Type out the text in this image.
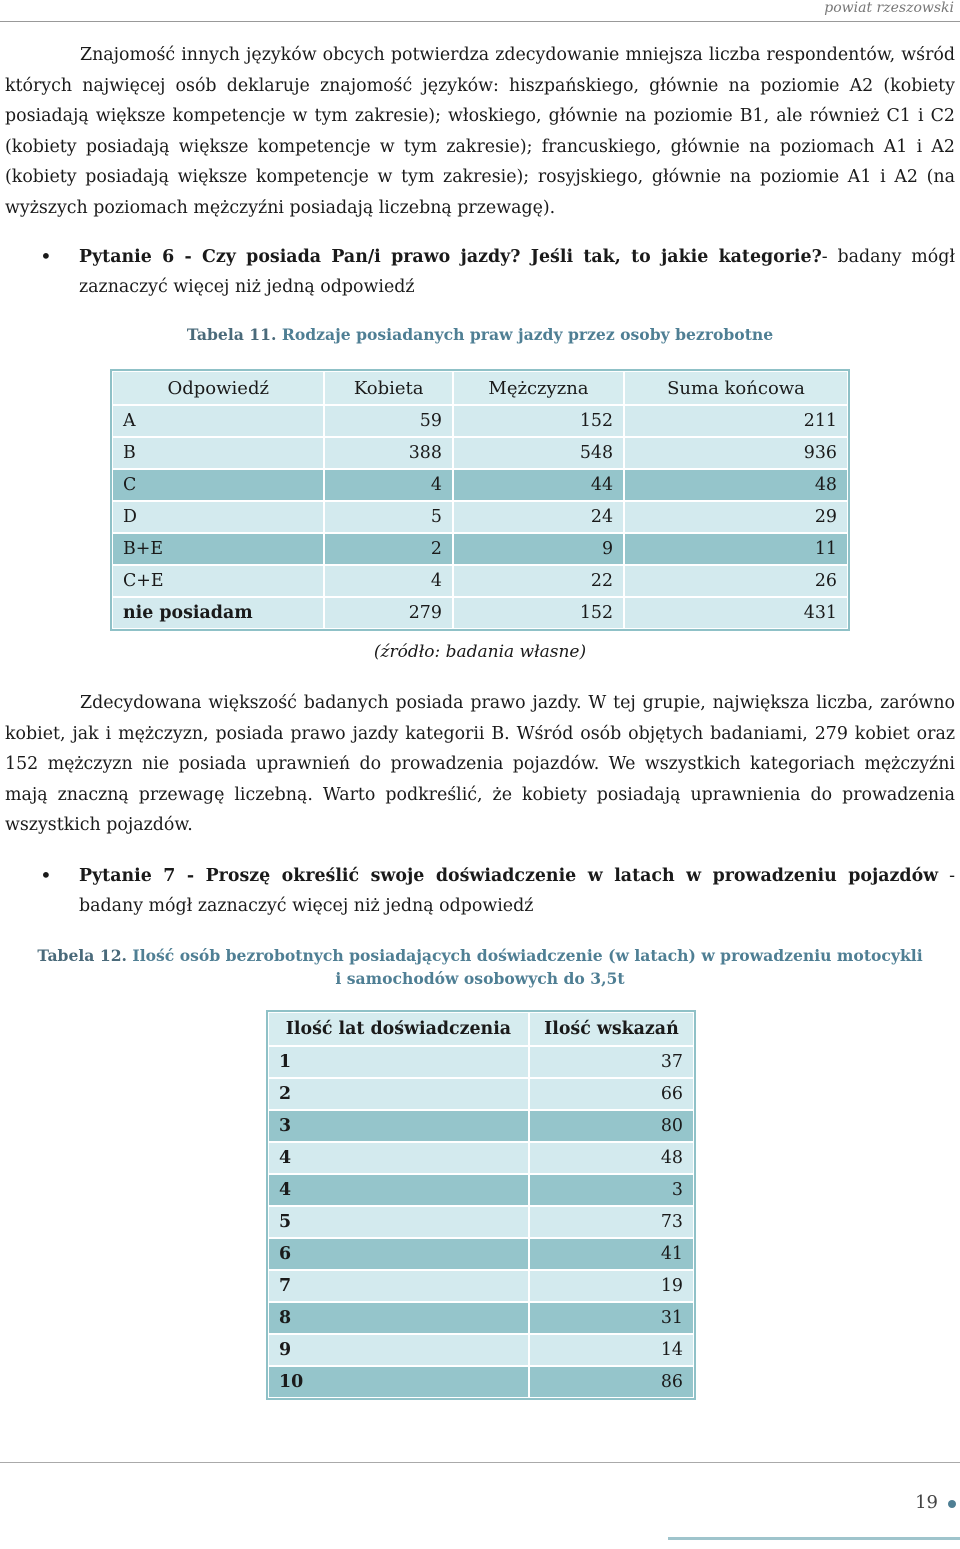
powiat rzeszowski

Znajomość innych języków obcych potwierdza zdecydowanie mniejsza liczba respondentów, wśród których najwięcej osób deklaruje znajomość języków: hiszpańskiego, głównie na poziomie A2 (kobiety posiadają większe kompetencje w tym zakresie); włoskiego, głównie na poziomie B1, ale również C1 i C2 (kobiety posiadają większe kompetencje w tym zakresie); francuskiego, głównie na poziomach A1 i A2 (kobiety posiadają większe kompetencje w tym zakresie); rosyjskiego, głównie na poziomie A1 i A2 (na wyższych poziomach mężczyźni posiadają liczebną przewagę).

• Pytanie 6 - Czy posiada Pan/i prawo jazdy? Jeśli tak, to jakie kategorie?- badany mógł zaznaczyć więcej niż jedną odpowiedź

Tabela 11. Rodzaje posiadanych praw jazdy przez osoby bezrobotne
Odpowiedź	Kobieta	Mężczyzna	Suma końcowa
A	59	152	211
B	388	548	936
C	4	44	48
D	5	24	29
B+E	2	9	11
C+E	4	22	26
nie posiadam	279	152	431
(źródło: badania własne)

Zdecydowana większość badanych posiada prawo jazdy. W tej grupie, największa liczba, zarówno kobiet, jak i mężczyzn, posiada prawo jazdy kategorii B. Wśród osób objętych badaniami, 279 kobiet oraz 152 mężczyzn nie posiada uprawnień do prowadzenia pojazdów. We wszystkich kategoriach mężczyźni mają znaczną przewagę liczebną. Warto podkreślić, że kobiety posiadają uprawnienia do prowadzenia wszystkich pojazdów.

• Pytanie 7 - Proszę określić swoje doświadczenie w latach w prowadzeniu pojazdów - badany mógł zaznaczyć więcej niż jedną odpowiedź

Tabela 12. Ilość osób bezrobotnych posiadających doświadczenie (w latach) w prowadzeniu motocykli
i samochodów osobowych do 3,5t
Ilość lat doświadczenia	Ilość wskazań
1	37
2	66
3	80
4	48
4	3
5	73
6	41
7	19
8	31
9	14
10	86
19
